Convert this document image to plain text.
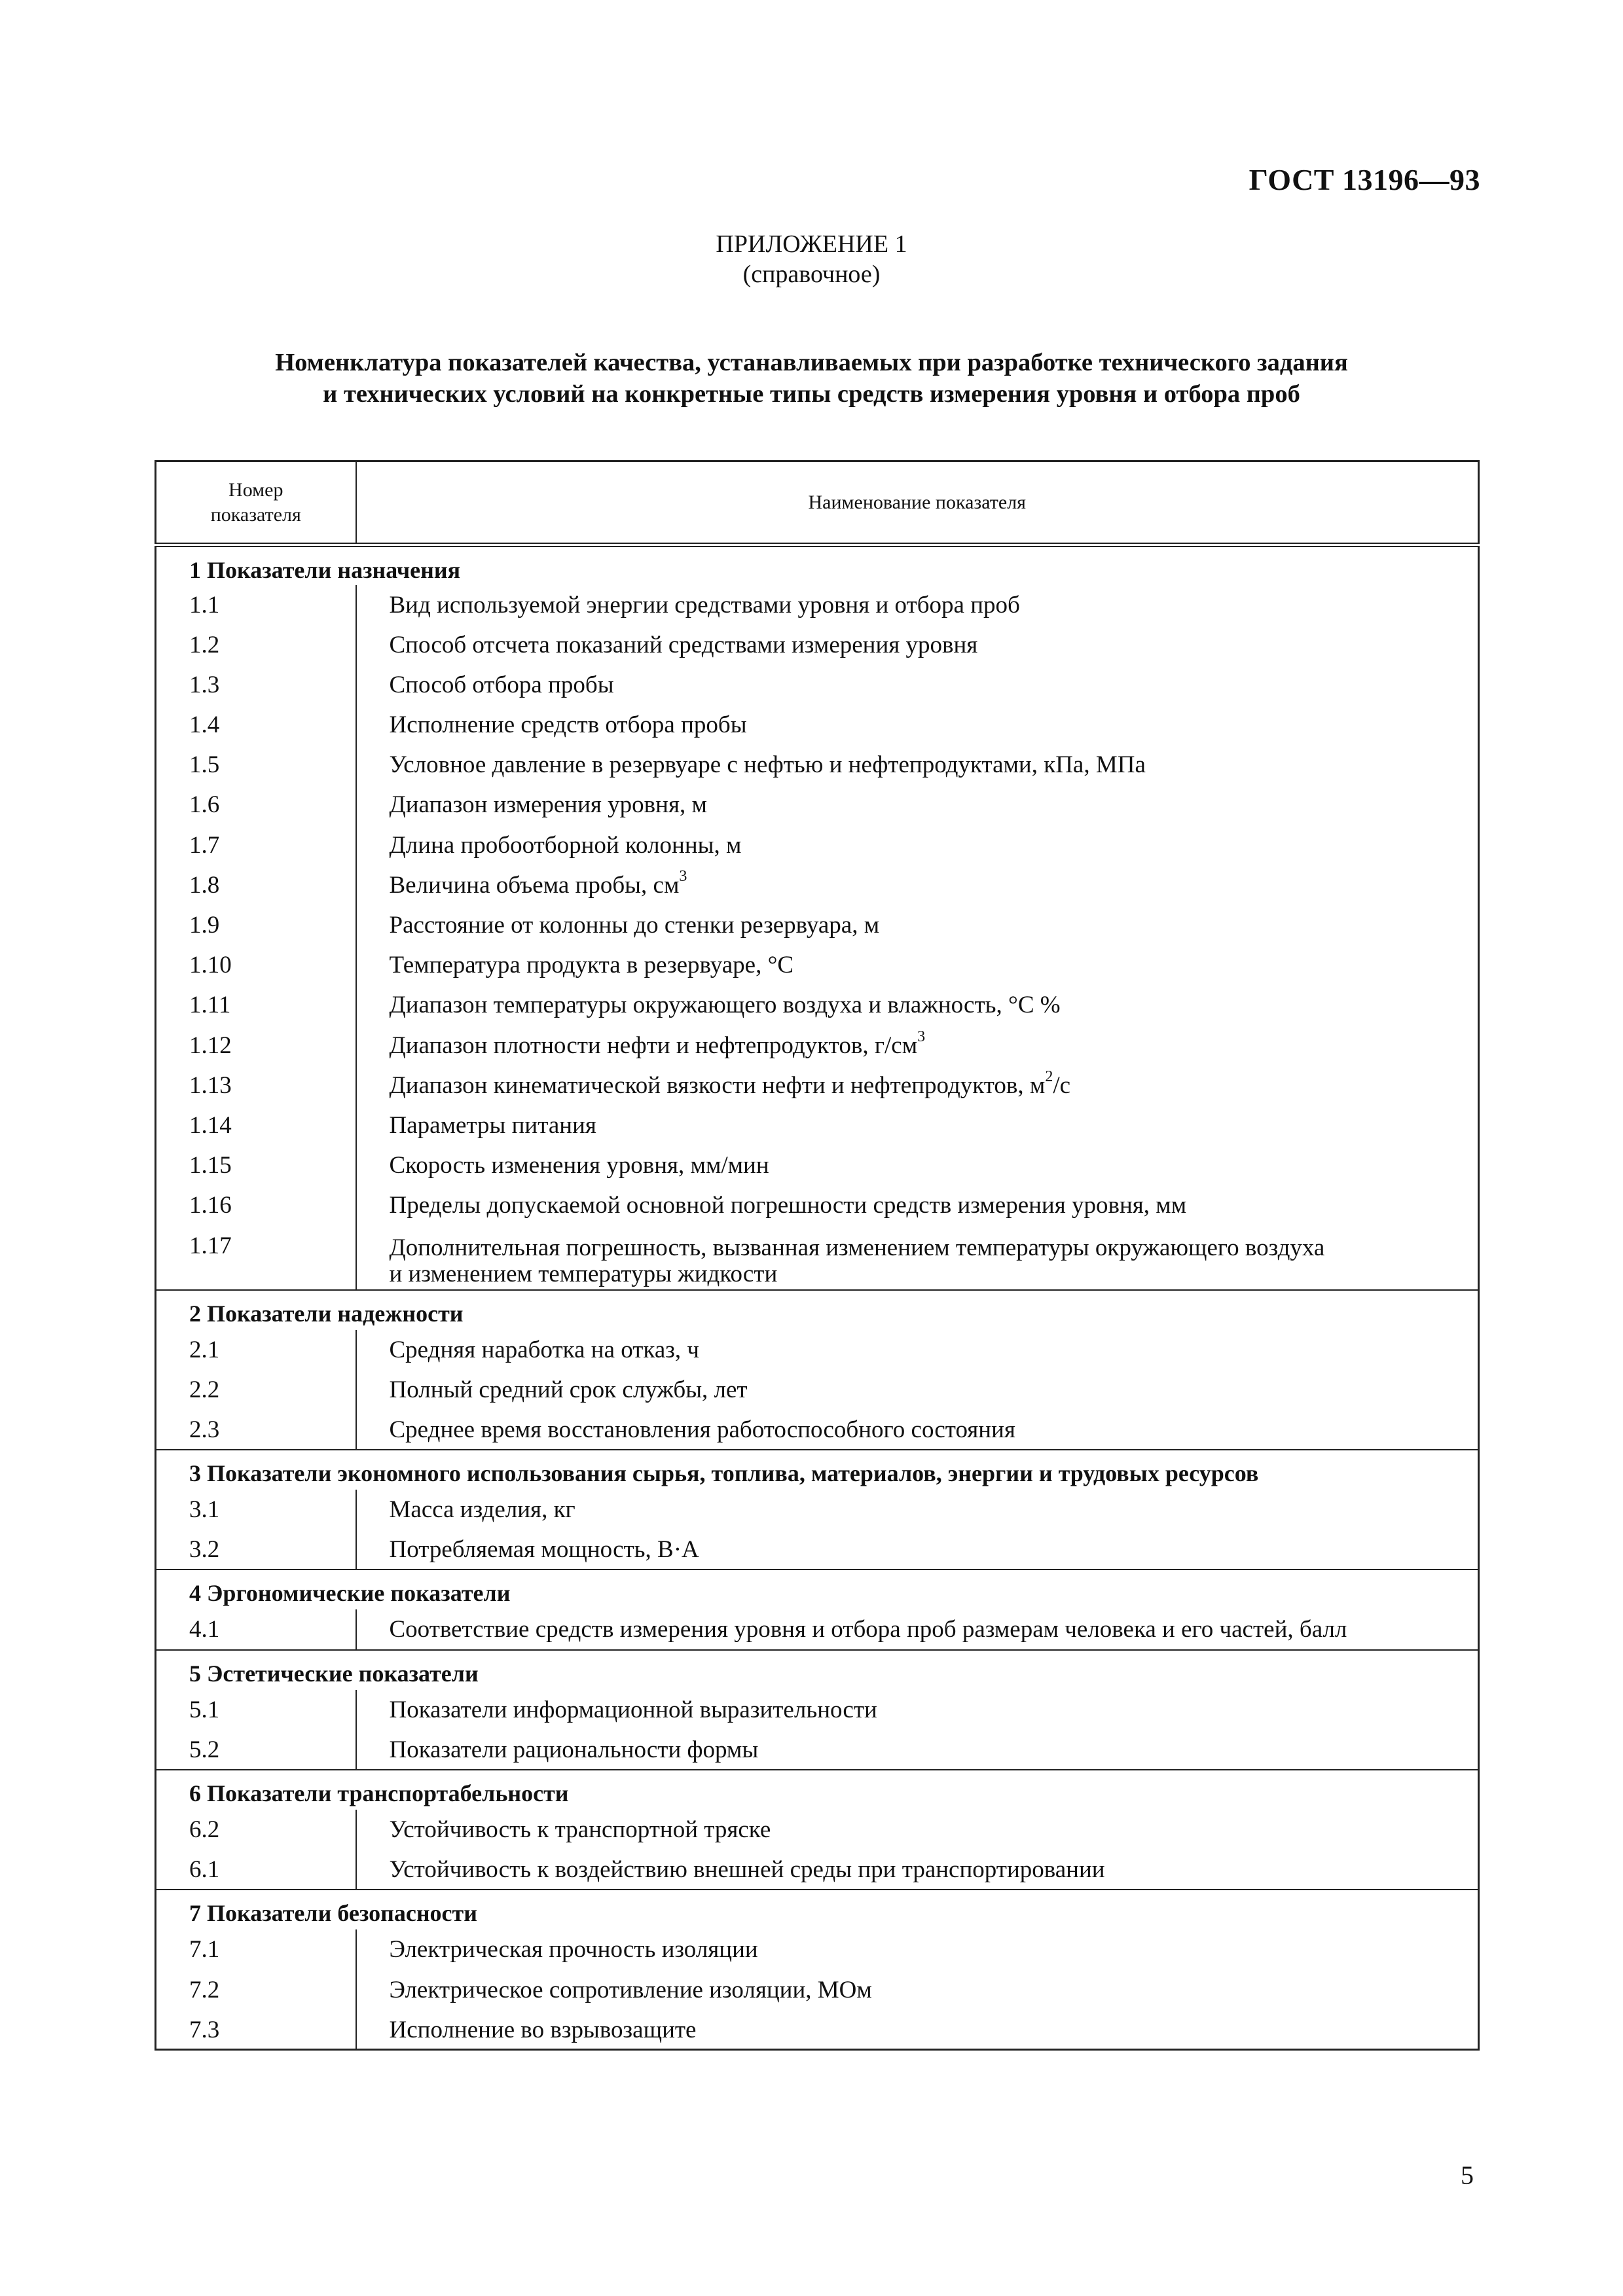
ГОСТ 13196—93
ПРИЛОЖЕНИЕ 1
(справочное)
Номенклатура показателей качества, устанавливаемых при разработке технического задания
и технических условий на конкретные типы средств измерения уровня и отбора проб
Номер
показателя	Наименование показателя
1 Показатели назначения	
1.1	Вид используемой энергии средствами уровня и отбора проб
1.2	Способ отсчета показаний средствами измерения уровня
1.3	Способ отбора пробы
1.4	Исполнение средств отбора пробы
1.5	Условное давление в резервуаре с нефтью и нефтепродуктами, кПа, МПа
1.6	Диапазон измерения уровня, м
1.7	Длина пробоотборной колонны, м
1.8	Величина объема пробы, $см^3$
1.9	Расстояние от колонны до стенки резервуара, м
1.10	Температура продукта в резервуаре, °С
1.11	Диапазон температуры окружающего воздуха и влажность, °С %
1.12	Диапазон плотности нефти и нефтепродуктов, $г/см^3$
1.13	Диапазон кинематической вязкости нефти и нефтепродуктов, $м^2/с$
1.14	Параметры питания
1.15	Скорость изменения уровня, мм/мин
1.16	Пределы допускаемой основной погрешности средств измерения уровня, мм
1.17	Дополнительная погрешность, вызванная изменением температуры окружающего воздуха
и изменением температуры жидкости
2 Показатели надежности	
2.1	Средняя наработка на отказ, ч
2.2	Полный средний срок службы, лет
2.3	Среднее время восстановления работоспособного состояния
3 Показатели экономного использования сырья, топлива, материалов, энергии и трудовых ресурсов	
3.1	Масса изделия, кг
3.2	Потребляемая мощность, В·А
4 Эргономические показатели	
4.1	Соответствие средств измерения уровня и отбора проб размерам человека и его частей, балл
5 Эстетические показатели	
5.1	Показатели информационной выразительности
5.2	Показатели рациональности формы
6 Показатели транспортабельности	
6.2	Устойчивость к транспортной тряске
6.1	Устойчивость к воздействию внешней среды при транспортировании
7 Показатели безопасности	
7.1	Электрическая прочность изоляции
7.2	Электрическое сопротивление изоляции, МОм
7.3	Исполнение во взрывозащите
5
